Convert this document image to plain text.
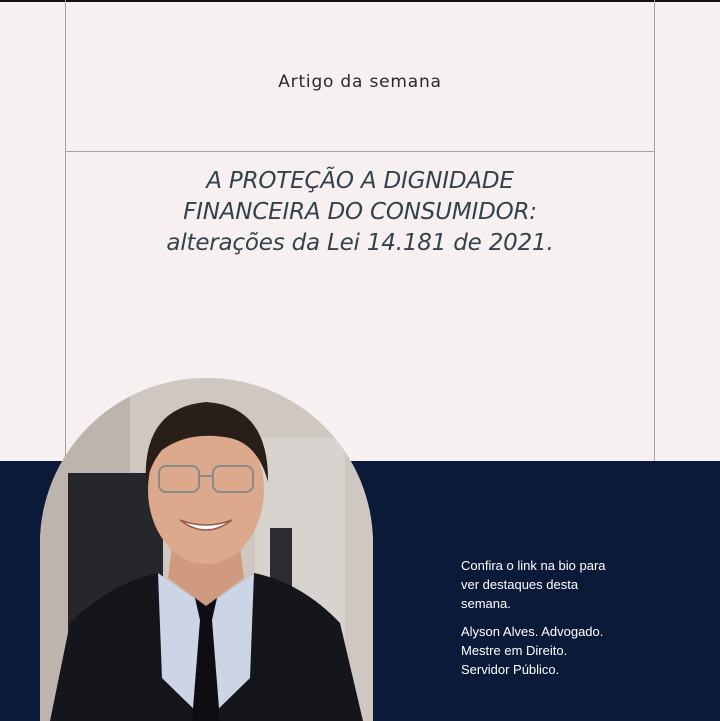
Artigo da semana
A PROTEÇÃO A DIGNIDADE
FINANCEIRA DO CONSUMIDOR:
alterações da Lei 14.181 de 2021.
Confira o link na bio para
ver destaques desta
semana.
Alyson Alves. Advogado.
Mestre em Direito.
Servidor Público.
